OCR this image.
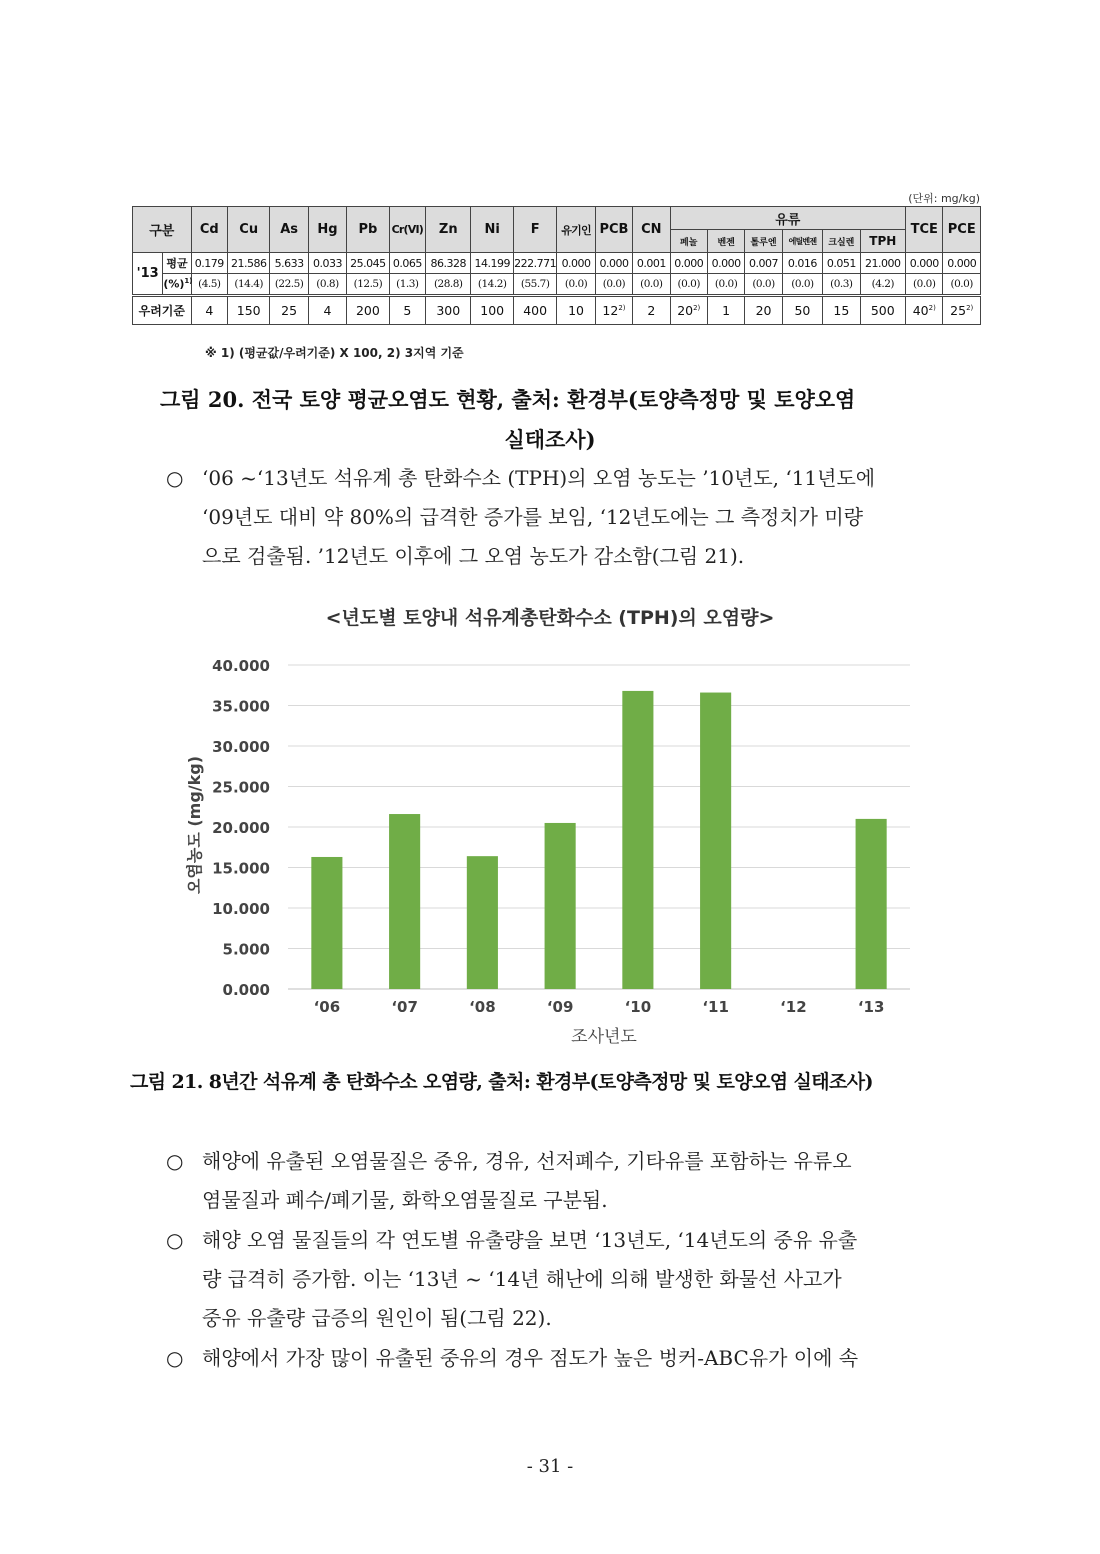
(단위: mg/kg)
구분		Cd	Cu	As	Hg	Pb	Cr(VI)	Zn	Ni	F	유기인	PCB	CN	유류						TCE	PCE
														페놀	벤젠	톨루엔	에틸벤젠	크실렌	TPH		
'13	평균	0.179	21.586	5.633	0.033	25.045	0.065	86.328	14.199	222.771	0.000	0.000	0.001	0.000	0.000	0.007	0.016	0.051	21.000	0.000	0.000
	(%)$^{1)}$	(4.5)	(14.4)	(22.5)	(0.8)	(12.5)	(1.3)	(28.8)	(14.2)	(55.7)	(0.0)	(0.0)	(0.0)	(0.0)	(0.0)	(0.0)	(0.0)	(0.3)	(4.2)	(0.0)	(0.0)
우려기준		4	150	25	4	200	5	300	100	400	10	12$^{2)}$	2	20$^{2)}$	1	20	50	15	500	40$^{2)}$	25$^{2)}$
※ 1) (평균값/우려기준) X 100, 2) 3지역 기준
그림 20. 전국 토양 평균오염도 현황, 출처: 환경부(토양측정망 및 토양오염
실태조사)
○ ‘06 ~‘13년도 석유계 총 탄화수소 (TPH)의 오염 농도는 ’10년도, ‘11년도에
‘09년도 대비 약 80%의 급격한 증가를 보임, ‘12년도에는 그 측정치가 미량
으로 검출됨. ’12년도 이후에 그 오염 농도가 감소함(그림 21).
<년도별 토양내 석유계총탄화수소 (TPH)의 오염량>
0.000
5.000
10.000
15.000
20.000
25.000
30.000
35.000
40.000
‘06	‘07	‘08	‘09	‘10	‘11	‘12	‘13
오염농도 (mg/kg)
조사년도
그림 21. 8년간 석유계 총 탄화수소 오염량, 출처: 환경부(토양측정망 및 토양오염 실태조사)
○ 해양에 유출된 오염물질은 중유, 경유, 선저폐수, 기타유를 포함하는 유류오
염물질과 폐수/폐기물, 화학오염물질로 구분됨.
○ 해양 오염 물질들의 각 연도별 유출량을 보면 ‘13년도, ‘14년도의 중유 유출
량 급격히 증가함. 이는 ‘13년 ~ ‘14년 해난에 의해 발생한 화물선 사고가
중유 유출량 급증의 원인이 됨(그림 22).
○ 해양에서 가장 많이 유출된 중유의 경우 점도가 높은 벙커-ABC유가 이에 속
- 31 -
